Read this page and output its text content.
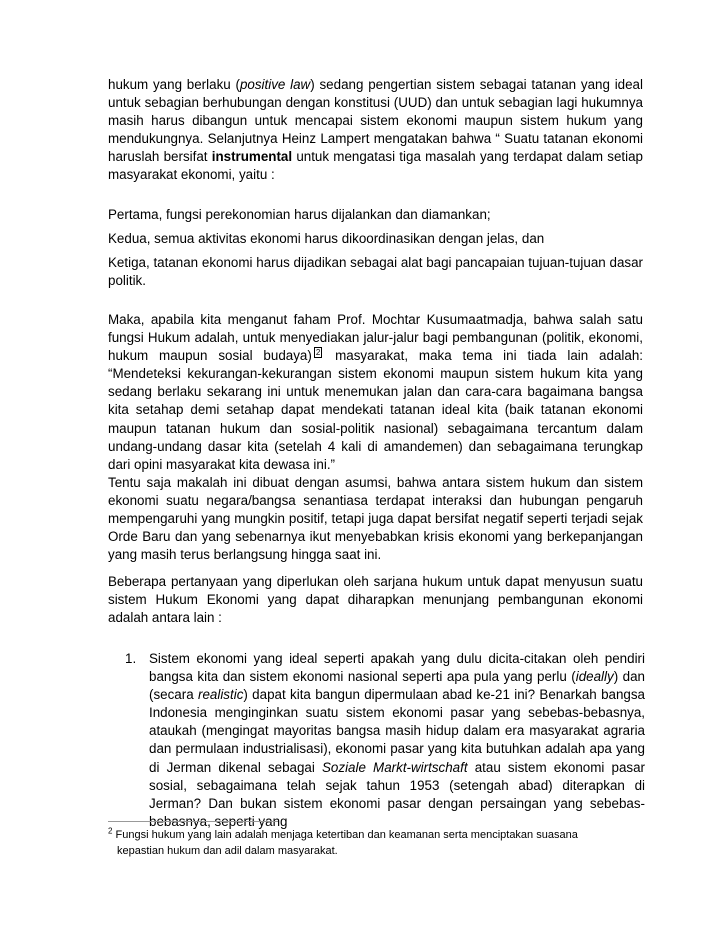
hukum yang berlaku (positive law) sedang pengertian sistem sebagai tatanan yang ideal untuk sebagian berhubungan dengan konstitusi (UUD) dan untuk sebagian lagi hukumnya masih harus dibangun untuk mencapai sistem ekonomi maupun sistem hukum yang mendukungnya. Selanjutnya Heinz Lampert mengatakan bahwa “ Suatu tatanan ekonomi haruslah bersifat instrumental untuk mengatasi tiga masalah yang terdapat dalam setiap masyarakat ekonomi, yaitu :

Pertama, fungsi perekonomian harus dijalankan dan diamankan;

Kedua, semua aktivitas ekonomi harus dikoordinasikan dengan jelas, dan

Ketiga, tatanan ekonomi harus dijadikan sebagai alat bagi pancapaian tujuan-tujuan dasar politik.

Maka, apabila kita menganut faham Prof. Mochtar Kusumaatmadja, bahwa salah satu fungsi Hukum adalah, untuk menyediakan jalur-jalur bagi pembangunan (politik, ekonomi, hukum maupun sosial budaya) 2 masyarakat, maka tema ini tiada lain adalah: “Mendeteksi kekurangan-kekurangan sistem ekonomi maupun sistem hukum kita yang sedang berlaku sekarang ini untuk menemukan jalan dan cara-cara bagaimana bangsa kita setahap demi setahap dapat mendekati tatanan ideal kita (baik tatanan ekonomi maupun tatanan hukum dan sosial-politik nasional) sebagaimana tercantum dalam undang-undang dasar kita (setelah 4 kali di amandemen) dan sebagaimana terungkap dari opini masyarakat kita dewasa ini.”

Tentu saja makalah ini dibuat dengan asumsi, bahwa antara sistem hukum dan sistem ekonomi suatu negara/bangsa senantiasa terdapat interaksi dan hubungan pengaruh mempengaruhi yang mungkin positif, tetapi juga dapat bersifat negatif seperti terjadi sejak Orde Baru dan yang sebenarnya ikut menyebabkan krisis ekonomi yang berkepanjangan yang masih terus berlangsung hingga saat ini.

Beberapa pertanyaan yang diperlukan oleh sarjana hukum untuk dapat menyusun suatu sistem Hukum Ekonomi yang dapat diharapkan menunjang pembangunan ekonomi adalah antara lain :

1. Sistem ekonomi yang ideal seperti apakah yang dulu dicita-citakan oleh pendiri bangsa kita dan sistem ekonomi nasional seperti apa pula yang perlu (ideally) dan (secara realistic) dapat kita bangun dipermulaan abad ke-21 ini? Benarkah bangsa Indonesia menginginkan suatu sistem ekonomi pasar yang sebebas-bebasnya, ataukah (mengingat mayoritas bangsa masih hidup dalam era masyarakat agraria dan permulaan industrialisasi), ekonomi pasar yang kita butuhkan adalah apa yang di Jerman dikenal sebagai Soziale Markt-wirtschaft atau sistem ekonomi pasar sosial, sebagaimana telah sejak tahun 1953 (setengah abad) diterapkan di Jerman? Dan bukan sistem ekonomi pasar dengan persaingan yang sebebas-bebasnya, seperti yang
$^2$ Fungsi hukum yang lain adalah menjaga ketertiban dan keamanan serta menciptakan suasana
kepastian hukum dan adil dalam masyarakat.
